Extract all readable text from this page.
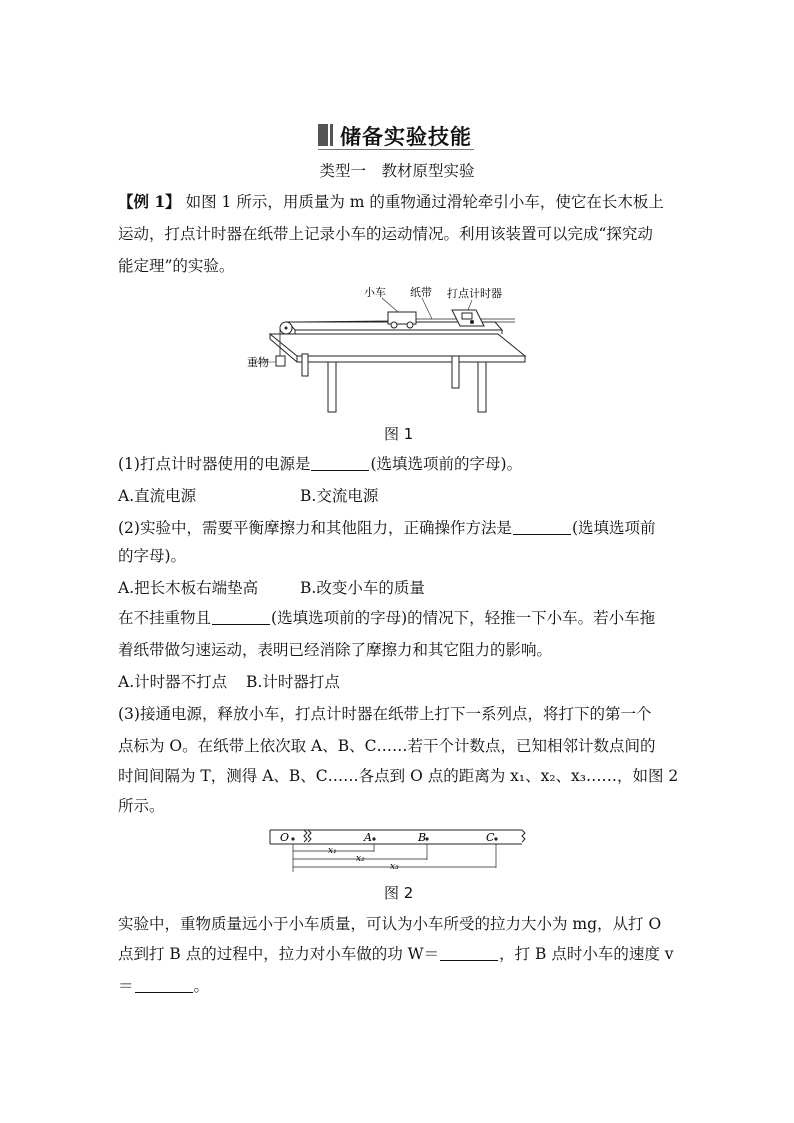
储备实验技能
类型一　教材原型实验
【例 1】 如图 1 所示，用质量为 m 的重物通过滑轮牵引小车，使它在长木板上
运动，打点计时器在纸带上记录小车的运动情况。利用该装置可以完成“探究动
能定理”的实验。
小车 纸带 打点计时器
重物
图 1
(1)打点计时器使用的电源是	(选填选项前的字母)。
A.直流电源	B.交流电源
(2)实验中，需要平衡摩擦力和其他阻力，正确操作方法是	(选填选项前
的字母)。
A.把长木板右端垫高	B.改变小车的质量
在不挂重物且	(选填选项前的字母)的情况下，轻推一下小车。若小车拖
着纸带做匀速运动，表明已经消除了摩擦力和其它阻力的影响。
A.计时器不打点 B.计时器打点
(3)接通电源，释放小车，打点计时器在纸带上打下一系列点，将打下的第一个
点标为 O。在纸带上依次取 A、B、C……若干个计数点，已知相邻计数点间的
时间间隔为 T，测得 A、B、C……各点到 O 点的距离为 x₁、x₂、x₃……，如图 2
所示。
O	A	B	C
x₁
x₂
x₃
图 2
实验中，重物质量远小于小车质量，可认为小车所受的拉力大小为 mg，从打 O
点到打 B 点的过程中，拉力对小车做的功 W＝	，打 B 点时小车的速度 v
＝	。
